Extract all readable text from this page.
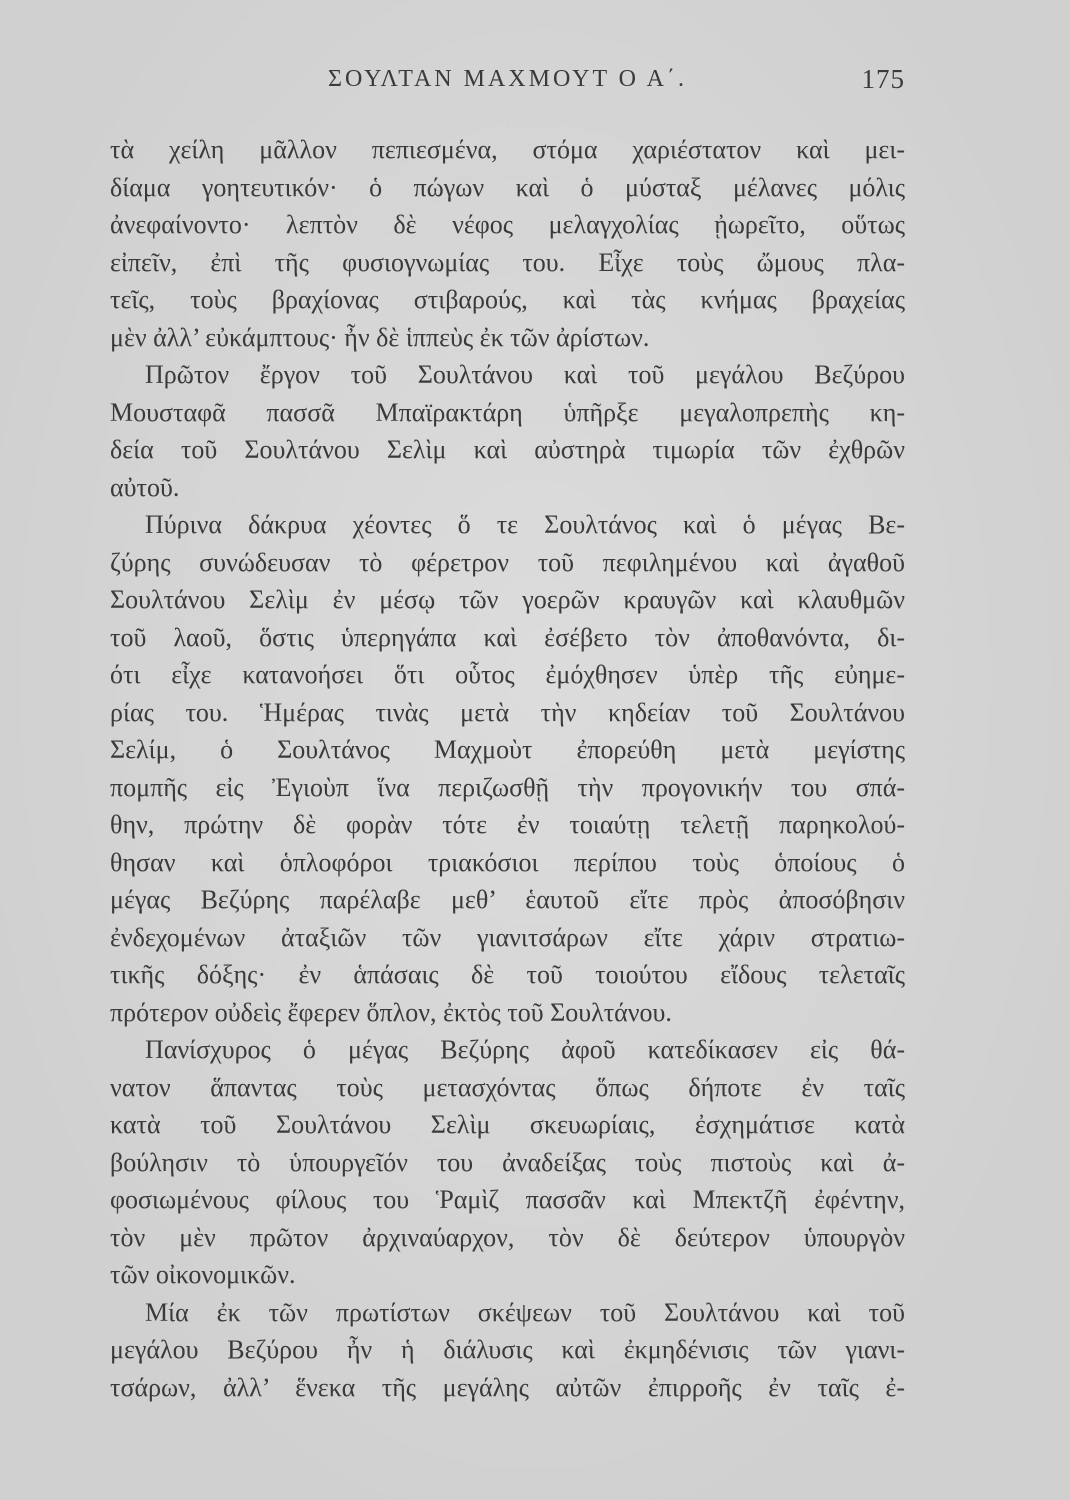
ΣΟΥΛΤΑΝ ΜΑΧΜΟΥΤ Ο Α΄.	175
τὰ χείλη μᾶλλον πεπιεσμένα, στόμα χαριέστατον καὶ μει-
δίαμα γοητευτικόν· ὁ πώγων καὶ ὁ μύσταξ μέλανες μόλις
ἀνεφαίνοντο· λεπτὸν δὲ νέφος μελαγχολίας ᾐωρεῖτο, οὕτως
εἰπεῖν, ἐπὶ τῆς φυσιογνωμίας του. Εἶχε τοὺς ὤμους πλα-
τεῖς, τοὺς βραχίονας στιβαρούς, καὶ τὰς κνήμας βραχείας
μὲν ἀλλ’ εὐκάμπτους· ἦν δὲ ἱππεὺς ἐκ τῶν ἀρίστων.
Πρῶτον ἔργον τοῦ Σουλτάνου καὶ τοῦ μεγάλου Βεζύρου
Μουσταφᾶ πασσᾶ Μπαϊρακτάρη ὑπῆρξε μεγαλοπρεπὴς κη-
δεία τοῦ Σουλτάνου Σελὶμ καὶ αὐστηρὰ τιμωρία τῶν ἐχθρῶν
αὐτοῦ.
Πύρινα δάκρυα χέοντες ὅ τε Σουλτάνος καὶ ὁ μέγας Βε-
ζύρης συνώδευσαν τὸ φέρετρον τοῦ πεφιλημένου καὶ ἀγαθοῦ
Σουλτάνου Σελὶμ ἐν μέσῳ τῶν γοερῶν κραυγῶν καὶ κλαυθμῶν
τοῦ λαοῦ, ὅστις ὑπερηγάπα καὶ ἐσέβετο τὸν ἀποθανόντα, δι-
ότι εἶχε κατανοήσει ὅτι οὗτος ἐμόχθησεν ὑπὲρ τῆς εὐημε-
ρίας του. Ἡμέρας τινὰς μετὰ τὴν κηδείαν τοῦ Σουλτάνου
Σελίμ, ὁ Σουλτάνος Μαχμοὺτ ἐπορεύθη μετὰ μεγίστης
πομπῆς εἰς Ἐγιοὺπ ἵνα περιζωσθῇ τὴν προγονικήν του σπά-
θην, πρώτην δὲ φορὰν τότε ἐν τοιαύτῃ τελετῇ παρηκολού-
θησαν καὶ ὁπλοφόροι τριακόσιοι περίπου τοὺς ὁποίους ὁ
μέγας Βεζύρης παρέλαβε μεθ’ ἑαυτοῦ εἴτε πρὸς ἀποσόβησιν
ἐνδεχομένων ἀταξιῶν τῶν γιανιτσάρων εἴτε χάριν στρατιω-
τικῆς δόξης· ἐν ἁπάσαις δὲ τοῦ τοιούτου εἴδους τελεταῖς
πρότερον οὐδεὶς ἔφερεν ὅπλον, ἐκτὸς τοῦ Σουλτάνου.
Πανίσχυρος ὁ μέγας Βεζύρης ἀφοῦ κατεδίκασεν εἰς θά-
νατον ἅπαντας τοὺς μετασχόντας ὅπως δήποτε ἐν ταῖς
κατὰ τοῦ Σουλτάνου Σελὶμ σκευωρίαις, ἐσχημάτισε κατὰ
βούλησιν τὸ ὑπουργεῖόν του ἀναδείξας τοὺς πιστοὺς καὶ ἀ-
φοσιωμένους φίλους του Ῥαμὶζ πασσᾶν καὶ Μπεκτζῆ ἐφέντην,
τὸν μὲν πρῶτον ἀρχιναύαρχον, τὸν δὲ δεύτερον ὑπουργὸν
τῶν οἰκονομικῶν.
Μία ἐκ τῶν πρωτίστων σκέψεων τοῦ Σουλτάνου καὶ τοῦ
μεγάλου Βεζύρου ἦν ἡ διάλυσις καὶ ἐκμηδένισις τῶν γιανι-
τσάρων, ἀλλ’ ἕνεκα τῆς μεγάλης αὐτῶν ἐπιρροῆς ἐν ταῖς ἐ-
